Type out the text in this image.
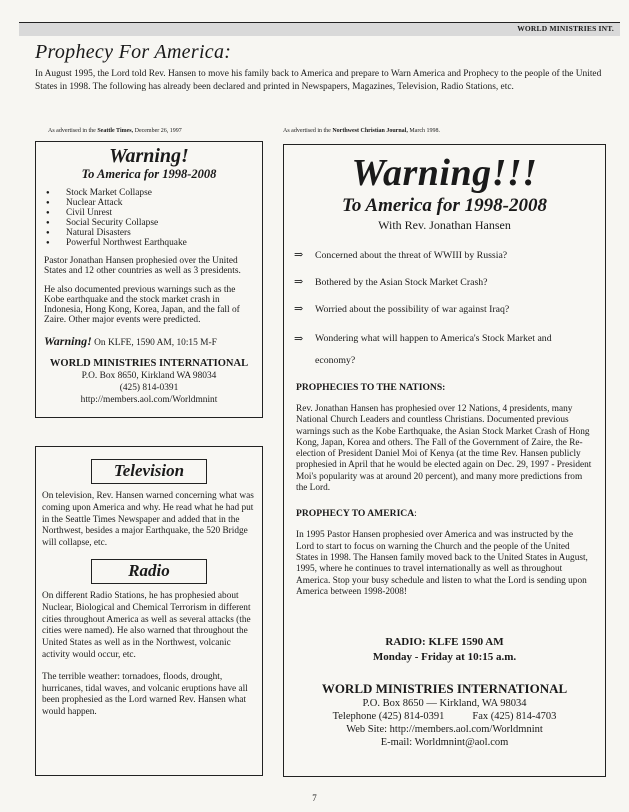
WORLD MINISTRIES INT.
Prophecy For America:

In August 1995, the Lord told Rev. Hansen to move his family back to America and prepare to Warn America and Prophecy to the people of the United States in 1998. The following has already been declared and printed in Newspapers, Magazines, Television, Radio Stations, etc.

As advertised in the Seattle Times, December 26, 1997	As advertised in the Northwest Christian Journal, March 1998.
Warning!
To America for 1998-2008
● Stock Market Collapse
● Nuclear Attack
● Civil Unrest
● Social Security Collapse
● Natural Disasters
● Powerful Northwest Earthquake

Pastor Jonathan Hansen prophesied over the United States and 12 other countries as well as 3 presidents.

He also documented previous warnings such as the Kobe earthquake and the stock market crash in Indonesia, Hong Kong, Korea, Japan, and the fall of Zaire. Other major events were predicted.

Warning! On KLFE, 1590 AM, 10:15 M-F
WORLD MINISTRIES INTERNATIONAL
P.O. Box 8650, Kirkland WA 98034
(425) 814-0391
http://members.aol.com/Worldmnint
Television

On television, Rev. Hansen warned concerning what was coming upon America and why. He read what he had put in the Seattle Times Newspaper and added that in the Northwest, besides a major Earthquake, the 520 Bridge will collapse, etc.

Radio

On different Radio Stations, he has prophesied about Nuclear, Biological and Chemical Terrorism in different cities throughout America as well as several attacks (the cities were named). He also warned that throughout the United States as well as in the Northwest, volcanic activity would occur, etc.

The terrible weather: tornadoes, floods, drought, hurricanes, tidal waves, and volcanic eruptions have all been prophesied as the Lord warned Rev. Hansen what would happen.

Warning!!!
To America for 1998-2008
With Rev. Jonathan Hansen
⇒ Concerned about the threat of WWIII by Russia?
⇒ Bothered by the Asian Stock Market Crash?
⇒ Worried about the possibility of war against Iraq?
⇒ Wondering what will happen to America's Stock Market and economy?
PROPHECIES TO THE NATIONS:

Rev. Jonathan Hansen has prophesied over 12 Nations, 4 presidents, many National Church Leaders and countless Christians. Documented previous warnings such as the Kobe Earthquake, the Asian Stock Market Crash of Hong Kong, Japan, Korea and others. The Fall of the Government of Zaire, the Re-election of President Daniel Moi of Kenya (at the time Rev. Hansen publicly prophesied in April that he would be elected again on Dec. 29, 1997 - President Moi's popularity was at around 20 percent), and many more predictions from the Lord.

PROPHECY TO AMERICA:

In 1995 Pastor Hansen prophesied over America and was instructed by the Lord to start to focus on warning the Church and the people of the United States in 1998. The Hansen family moved back to the United States in August, 1995, where he continues to travel internationally as well as throughout America. Stop your busy schedule and listen to what the Lord is sending upon America between 1998-2008!

RADIO: KLFE 1590 AM
Monday - Friday at 10:15 a.m.
WORLD MINISTRIES INTERNATIONAL
P.O. Box 8650 — Kirkland, WA 98034
Telephone (425) 814-0391	Fax (425) 814-4703
Web Site: http://members.aol.com/Worldmnint
E-mail: Worldmnint@aol.com
7
